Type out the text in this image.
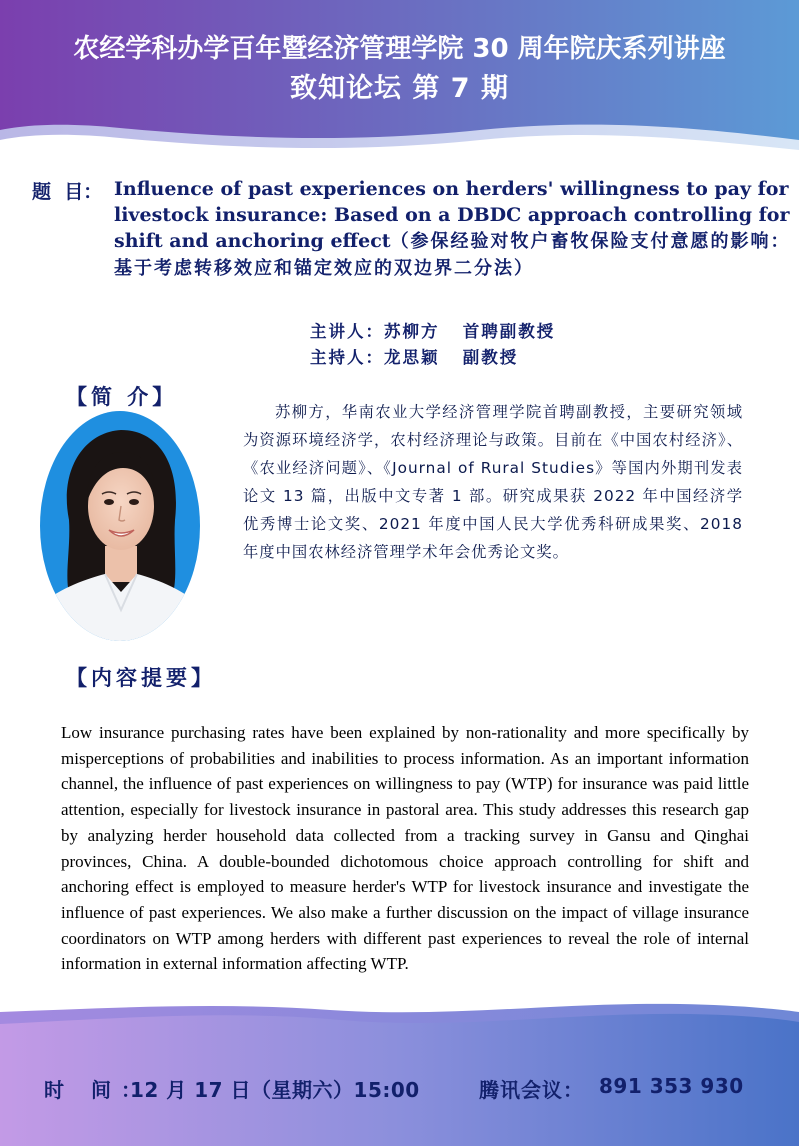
农经学科办学百年暨经济管理学院 30 周年院庆系列讲座
致知论坛 第 7 期
题  目： Influence of past experiences on herders' willingness to pay for livestock insurance: Based on a DBDC approach controlling for shift and anchoring effect（参保经验对牧户畜牧保险支付意愿的影响：基于考虑转移效应和锚定效应的双边界二分法）
主讲人：苏柳方   首聘副教授
主持人：龙思颖   副教授
【简 介】
苏柳方，华南农业大学经济管理学院首聘副教授，主要研究领域为资源环境经济学，农村经济理论与政策。目前在《中国农村经济》、《农业经济问题》、《Journal of Rural Studies》等国内外期刊发表论文 13 篇，出版中文专著 1 部。研究成果获 2022 年中国经济学优秀博士论文奖、2021 年度中国人民大学优秀科研成果奖、2018 年度中国农林经济管理学术年会优秀论文奖。
【内容提要】
Low insurance purchasing rates have been explained by non-rationality and more specifically by misperceptions of probabilities and inabilities to process information. As an important information channel, the influence of past experiences on willingness to pay (WTP) for insurance was paid little attention, especially for livestock insurance in pastoral area. This study addresses this research gap by analyzing herder household data collected from a tracking survey in Gansu and Qinghai provinces, China. A double-bounded dichotomous choice approach controlling for shift and anchoring effect is employed to measure herder's WTP for livestock insurance and investigate the influence of past experiences. We also make a further discussion on the impact of village insurance coordinators on WTP among herders with different past experiences to reveal the role of internal information in external information affecting WTP.
时 间：
12 月 17 日（星期六）15:00	腾讯会议： 891 353 930
